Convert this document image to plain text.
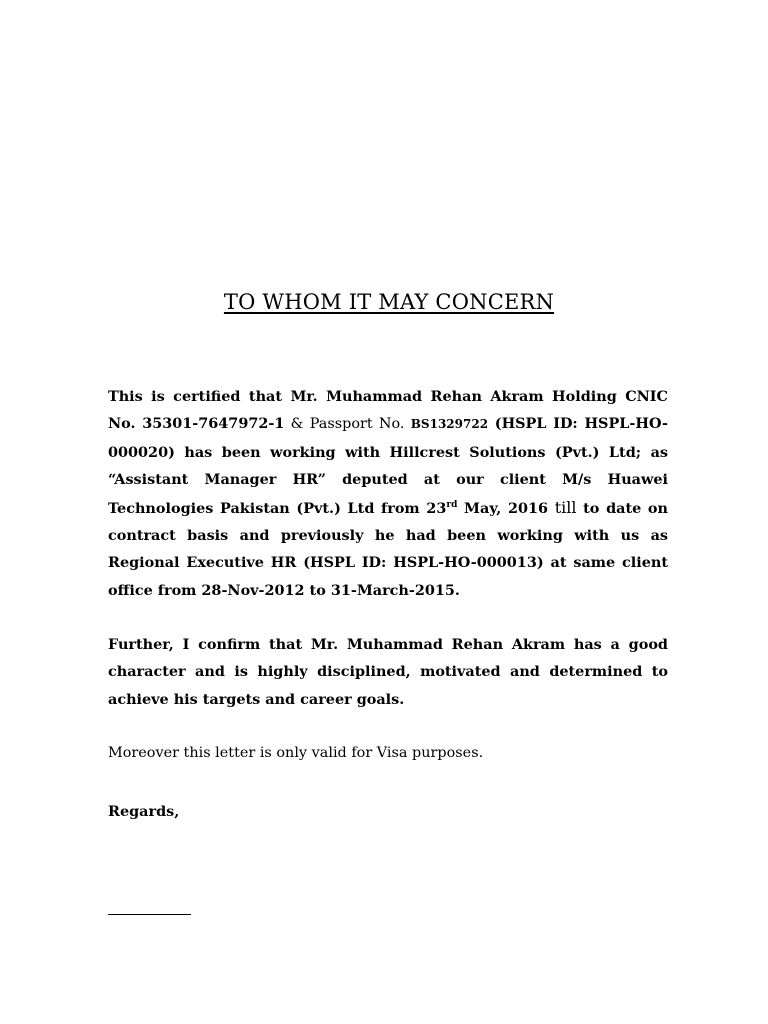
TO WHOM IT MAY CONCERN

This is certified that Mr. Muhammad Rehan Akram Holding CNIC No. 35301-7647972-1 & Passport No. BS1329722 (HSPL ID: HSPL-HO-000020) has been working with Hillcrest Solutions (Pvt.) Ltd; as “Assistant Manager HR” deputed at our client M/s Huawei Technologies Pakistan (Pvt.) Ltd from 23rd May, 2016 till to date on contract basis and previously he had been working with us as Regional Executive HR (HSPL ID: HSPL-HO-000013) at same client office from 28-Nov-2012 to 31-March-2015.

Further, I confirm that Mr. Muhammad Rehan Akram has a good character and is highly disciplined, motivated and determined to achieve his targets and career goals.

Moreover this letter is only valid for Visa purposes.

Regards,
